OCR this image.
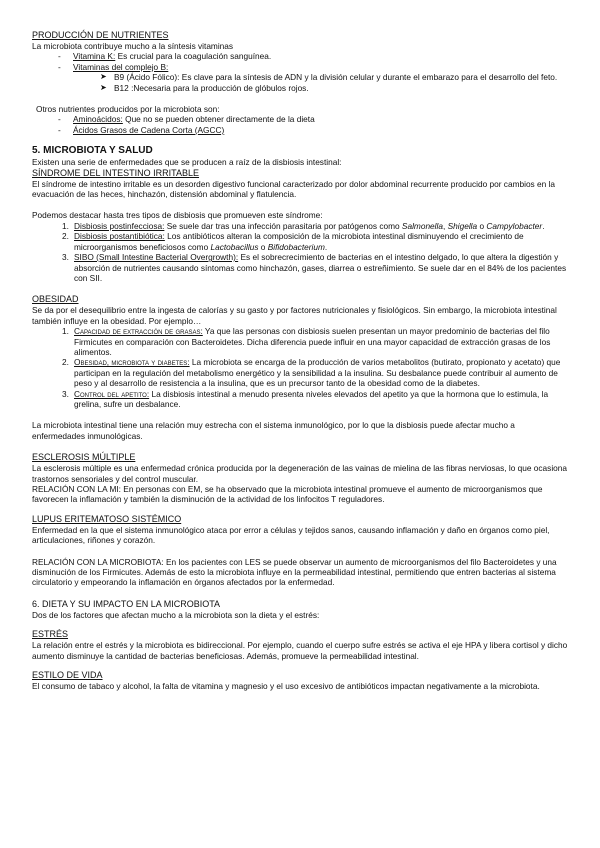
PRODUCCIÓN DE NUTRIENTES

La microbiota contribuye mucho a la síntesis vitaminas

- Vitamina K: Es crucial para la coagulación sanguínea.

- Vitaminas del complejo B:

➤ B9 (Ácido Fólico): Es clave para la síntesis de ADN y la división celular y durante el embarazo para el desarrollo del feto.

➤ B12 :Necesaria para la producción de glóbulos rojos.

Otros nutrientes producidos por la microbiota son:

- Aminoácidos: Que no se pueden obtener directamente de la dieta

- Ácidos Grasos de Cadena Corta (AGCC)

5. MICROBIOTA Y SALUD

Existen una serie de enfermedades que se producen a raíz de la disbiosis intestinal:

SÍNDROME DEL INTESTINO IRRITABLE

El síndrome de intestino irritable es un desorden digestivo funcional caracterizado por dolor abdominal recurrente producido por cambios en la evacuación de las heces, hinchazón, distensión abdominal y flatulencia.

Podemos destacar hasta tres tipos de disbiosis que promueven este síndrome:

1. Disbiosis postinfecciosa: Se suele dar tras una infección parasitaria por patógenos como Salmonella, Shigella o Campylobacter.
2. Disbiosis postantibiótica: Los antibióticos alteran la composición de la microbiota intestinal disminuyendo el crecimiento de microorganismos beneficiosos como Lactobacillus o Bifidobacterium.
3. SIBO (Small Intestine Bacterial Overgrowth): Es el sobrecrecimiento de bacterias en el intestino delgado, lo que altera la digestión y absorción de nutrientes causando síntomas como hinchazón, gases, diarrea o estreñimiento. Se suele dar en el 84% de los pacientes con SII.

OBESIDAD

Se da por el desequilibrio entre la ingesta de calorías y su gasto y por factores nutricionales y fisiológicos. Sin embargo, la microbiota intestinal también influye en la obesidad. Por ejemplo…

1. Capacidad de extracción de grasas: Ya que las personas con disbiosis suelen presentan un mayor predominio de bacterias del filo Firmicutes en comparación con Bacteroidetes. Dicha diferencia puede influir en una mayor capacidad de extracción grasas de los alimentos.
2. Obesidad, microbiota y diabetes: La microbiota se encarga de la producción de varios metabolitos (butirato, propionato y acetato) que participan en la regulación del metabolismo energético y la sensibilidad a la insulina. Su desbalance puede contribuir al aumento de peso y al desarrollo de resistencia a la insulina, que es un precursor tanto de la obesidad como de la diabetes.
3. Control del apetito: La disbiosis intestinal a menudo presenta niveles elevados del apetito ya que la hormona que lo estimula, la grelina, sufre un desbalance.

La microbiota intestinal tiene una relación muy estrecha con el sistema inmunológico, por lo que la disbiosis puede afectar mucho a enfermedades inmunológicas.

ESCLEROSIS MÚLTIPLE

La esclerosis múltiple es una enfermedad crónica producida por la degeneración de las vainas de mielina de las fibras nerviosas, lo que ocasiona trastornos sensoriales y del control muscular.

RELACIÓN CON LA MI: En personas con EM, se ha observado que la microbiota intestinal promueve el aumento de microorganismos que favorecen la inflamación y también la disminución de la actividad de los linfocitos T reguladores.

LUPUS ERITEMATOSO SISTÉMICO

Enfermedad en la que el sistema inmunológico ataca por error a células y tejidos sanos, causando inflamación y daño en órganos como piel, articulaciones, riñones y corazón.

RELACIÓN CON LA MICROBIOTA: En los pacientes con LES se puede observar un aumento de microorganismos del filo Bacteroidetes y una disminución de los Firmicutes. Además de esto la microbiota influye en la permeabilidad intestinal, permitiendo que entren bacterias al sistema circulatorio y empeorando la inflamación en órganos afectados por la enfermedad.

6. DIETA Y SU IMPACTO EN LA MICROBIOTA

Dos de los factores que afectan mucho a la microbiota son la dieta y el estrés:

ESTRÉS

La relación entre el estrés y la microbiota es bidireccional. Por ejemplo, cuando el cuerpo sufre estrés se activa el eje HPA y libera cortisol y dicho aumento disminuye la cantidad de bacterias beneficiosas. Además, promueve la permeabilidad intestinal.

ESTILO DE VIDA

El consumo de tabaco y alcohol, la falta de vitamina y magnesio y el uso excesivo de antibióticos impactan negativamente a la microbiota.
